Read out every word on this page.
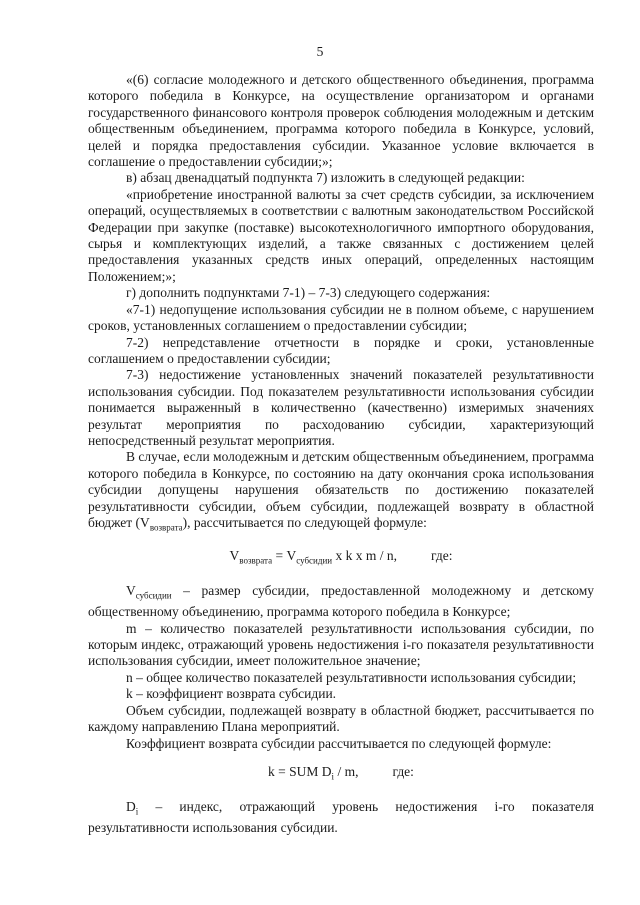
5

«(6) согласие молодежного и детского общественного объединения, программа которого победила в Конкурсе, на осуществление организатором и органами государственного финансового контроля проверок соблюдения молодежным и детским общественным объединением, программа которого победила в Конкурсе, условий, целей и порядка предоставления субсидии. Указанное условие включается в соглашение о предоставлении субсидии;»;

в) абзац двенадцатый подпункта 7) изложить в следующей редакции:

«приобретение иностранной валюты за счет средств субсидии, за исключением операций, осуществляемых в соответствии с валютным законодательством Российской Федерации при закупке (поставке) высокотехнологичного импортного оборудования, сырья и комплектующих изделий, а также связанных с достижением целей предоставления указанных средств иных операций, определенных настоящим Положением;»;

г) дополнить подпунктами 7-1) – 7-3) следующего содержания:

«7-1) недопущение использования субсидии не в полном объеме, с нарушением сроков, установленных соглашением о предоставлении субсидии;

7-2) непредставление отчетности в порядке и сроки, установленные соглашением о предоставлении субсидии;

7-3) недостижение установленных значений показателей результативности использования субсидии. Под показателем результативности использования субсидии понимается выраженный в количественно (качественно) измеримых значениях результат мероприятия по расходованию субсидии, характеризующий непосредственный результат мероприятия.

В случае, если молодежным и детским общественным объединением, программа которого победила в Конкурсе, по состоянию на дату окончания срока использования субсидии допущены нарушения обязательств по достижению показателей результативности субсидии, объем субсидии, подлежащей возврату в областной бюджет $(V_{возврата})$, рассчитывается по следующей формуле:

$V_{возврата} = V_{субсидии}$ x k x m / n,	где:

$V_{субсидии}$ – размер субсидии, предоставленной молодежному и детскому общественному объединению, программа которого победила в Конкурсе;

m – количество показателей результативности использования субсидии, по которым индекс, отражающий уровень недостижения i-го показателя результативности использования субсидии, имеет положительное значение;

n – общее количество показателей результативности использования субсидии;

k – коэффициент возврата субсидии.

Объем субсидии, подлежащей возврату в областной бюджет, рассчитывается по каждому направлению Плана мероприятий.

Коэффициент возврата субсидии рассчитывается по следующей формуле:

k = SUM $D_i$ / m,	где:

$D_i$ – индекс, отражающий уровень недостижения i-го показателя результативности использования субсидии.
